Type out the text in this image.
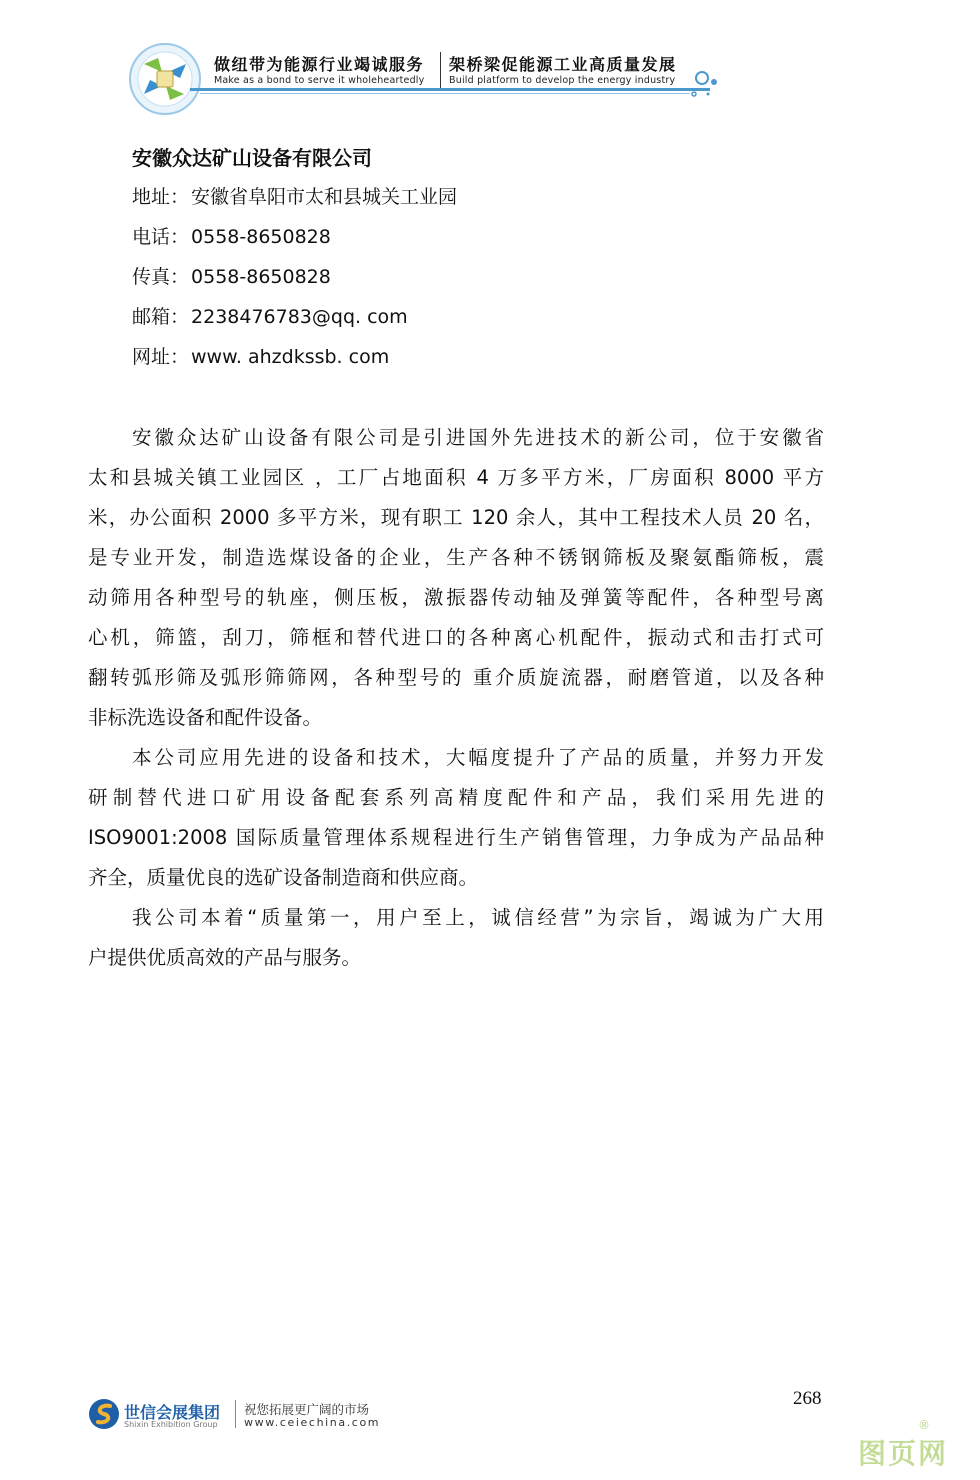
做纽带为能源行业竭诚服务
Make as a bond to serve it wholeheartedly
架桥梁促能源工业高质量发展
Build platform to develop the energy industry
安徽众达矿山设备有限公司
地址： 安徽省阜阳市太和县城关工业园
电话： 0558-8650828
传真： 0558-8650828
邮箱： 2238476783@qq. com
网址： www. ahzdkssb. com
安徽众达矿山设备有限公司是引进国外先进技术的新公司，位于安徽省
太和县城关镇工业园区 ，工厂占地面积 4 万多平方米，厂房面积 8000 平方
米，办公面积 2000 多平方米，现有职工 120 余人，其中工程技术人员 20 名，
是专业开发，制造选煤设备的企业，生产各种不锈钢筛板及聚氨酯筛板，震
动筛用各种型号的轨座，侧压板，激振器传动轴及弹簧等配件，各种型号离
心机，筛篮，刮刀，筛框和替代进口的各种离心机配件，振动式和击打式可
翻转弧形筛及弧形筛筛网，各种型号的 重介质旋流器，耐磨管道，以及各种
非标洗选设备和配件设备。
本公司应用先进的设备和技术，大幅度提升了产品的质量，并努力开发
研制替代进口矿用设备配套系列高精度配件和产品，我们采用先进的
ISO9001:2008 国际质量管理体系规程进行生产销售管理，力争成为产品品种
齐全，质量优良的选矿设备制造商和供应商。
我公司本着“质量第一，用户至上，诚信经营”为宗旨，竭诚为广大用
户提供优质高效的产品与服务。
世信会展集团
Shixin Exhibition Group
祝您拓展更广阔的市场
www.ceiechina.com
268
®
图页网
